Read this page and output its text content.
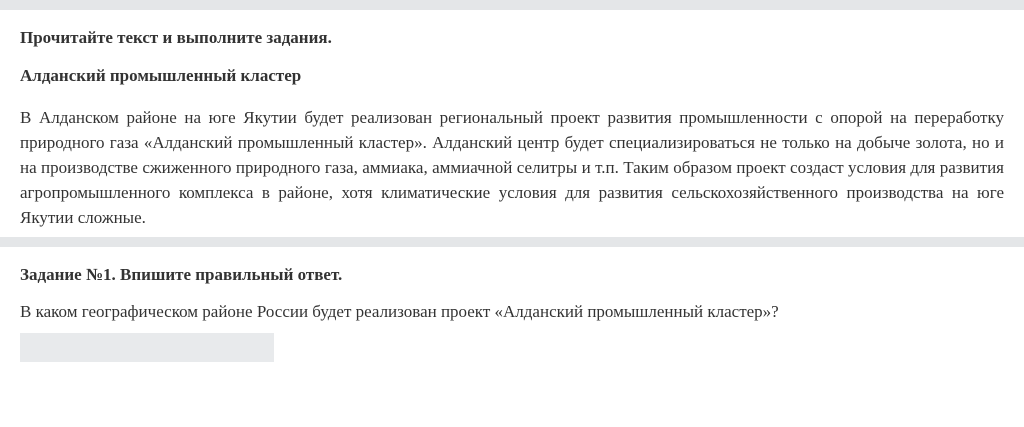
Прочитайте текст и выполните задания.

Алданский промышленный кластер

В Алданском районе на юге Якутии будет реализован региональный проект развития промышленности с опорой на переработку природного газа «Алданский промышленный кластер». Алданский центр будет специализироваться не только на добыче золота, но и на производстве сжиженного природного газа, аммиака, аммиачной селитры и т.п. Таким образом проект создаст условия для развития агропромышленного комплекса в районе, хотя климатические условия для развития сельскохозяйственного производства на юге Якутии сложные.

Задание №1. Впишите правильный ответ.

В каком географическом районе России будет реализован проект «Алданский промышленный кластер»?
